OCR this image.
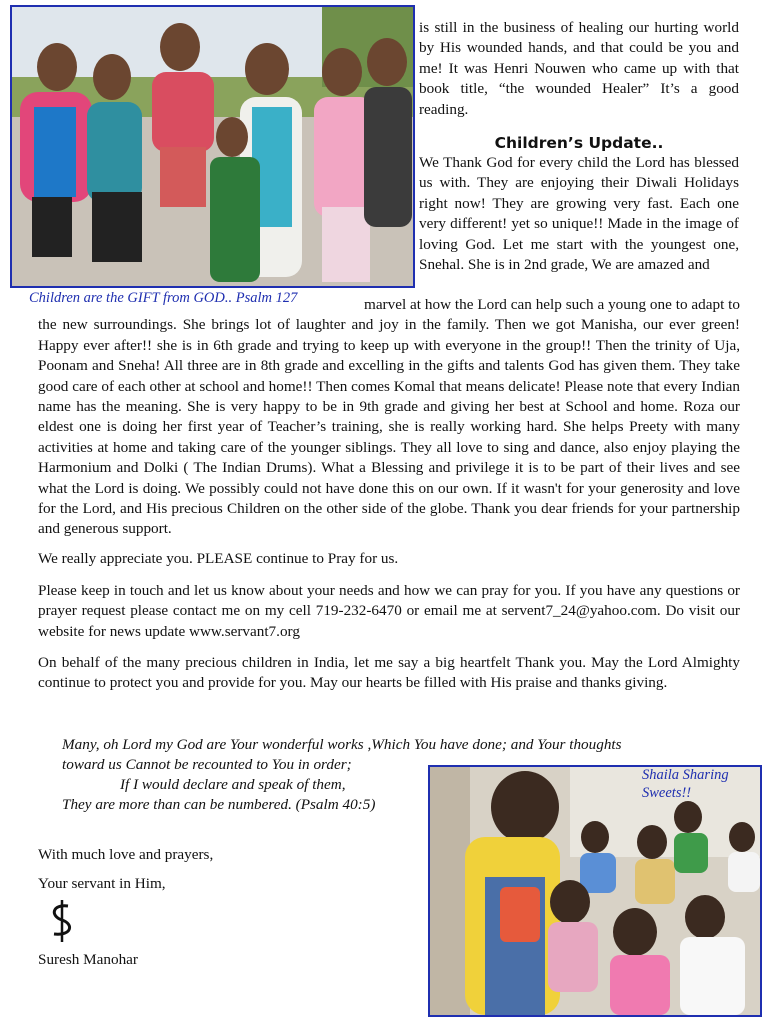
Children are the GIFT from GOD.. Psalm 127

is still in the business of healing our hurting world by His wounded hands, and that could be you and me! It was Henri Nouwen who came up with that book title, “the wounded Healer” It’s a good reading.

Children’s Update..

We Thank God for every child the Lord has blessed us with. They are enjoying their Diwali Holidays right now! They are growing very fast. Each one very different! yet so unique!! Made in the image of loving God. Let me start with the youngest one, Snehal. She is in 2nd grade, We are amazed and

marvel at how the Lord can help such a young one to adapt to the new surroundings. She brings lot of laughter and joy in the family. Then we got Manisha, our ever green! Happy ever after!! she is in 6th grade and trying to keep up with everyone in the group!! Then the trinity of Uja, Poonam and Sneha! All three are in 8th grade and excelling in the gifts and talents God has given them. They take good care of each other at school and home!! Then comes Komal that means delicate! Please note that every Indian name has the meaning. She is very happy to be in 9th grade and giving her best at School and home. Roza our eldest one is doing her first year of Teacher’s training, she is really working hard. She helps Preety with many activities at home and taking care of the younger siblings. They all love to sing and dance, also enjoy playing the Harmonium and Dolki ( The Indian Drums). What a Blessing and privilege it is to be part of their lives and see what the Lord is doing. We possibly could not have done this on our own. If it wasn't for your generosity and love for the Lord, and His precious Children on the other side of the globe. Thank you dear friends for your partnership and generous support.

We really appreciate you. PLEASE continue to Pray for us.

Please keep in touch and let us know about your needs and how we can pray for you. If you have any questions or prayer request please contact me on my cell 719-232-6470 or email me at servent7_24@yahoo.com. Do visit our website for news update www.servant7.org

On behalf of the many precious children in India, let me say a big heartfelt Thank you. May the Lord Almighty continue to protect you and provide for you. May our hearts be filled with His praise and thanks giving.

Many, oh Lord my God are Your wonderful works ,Which You have done; and Your thoughts
toward us Cannot be recounted to You in order;
If I would declare and speak of them,
They are more than can be numbered. (Psalm 40:5)
With much love and prayers,
Your servant in Him,
Suresh Manohar
Shaila Sharing
Sweets!!
